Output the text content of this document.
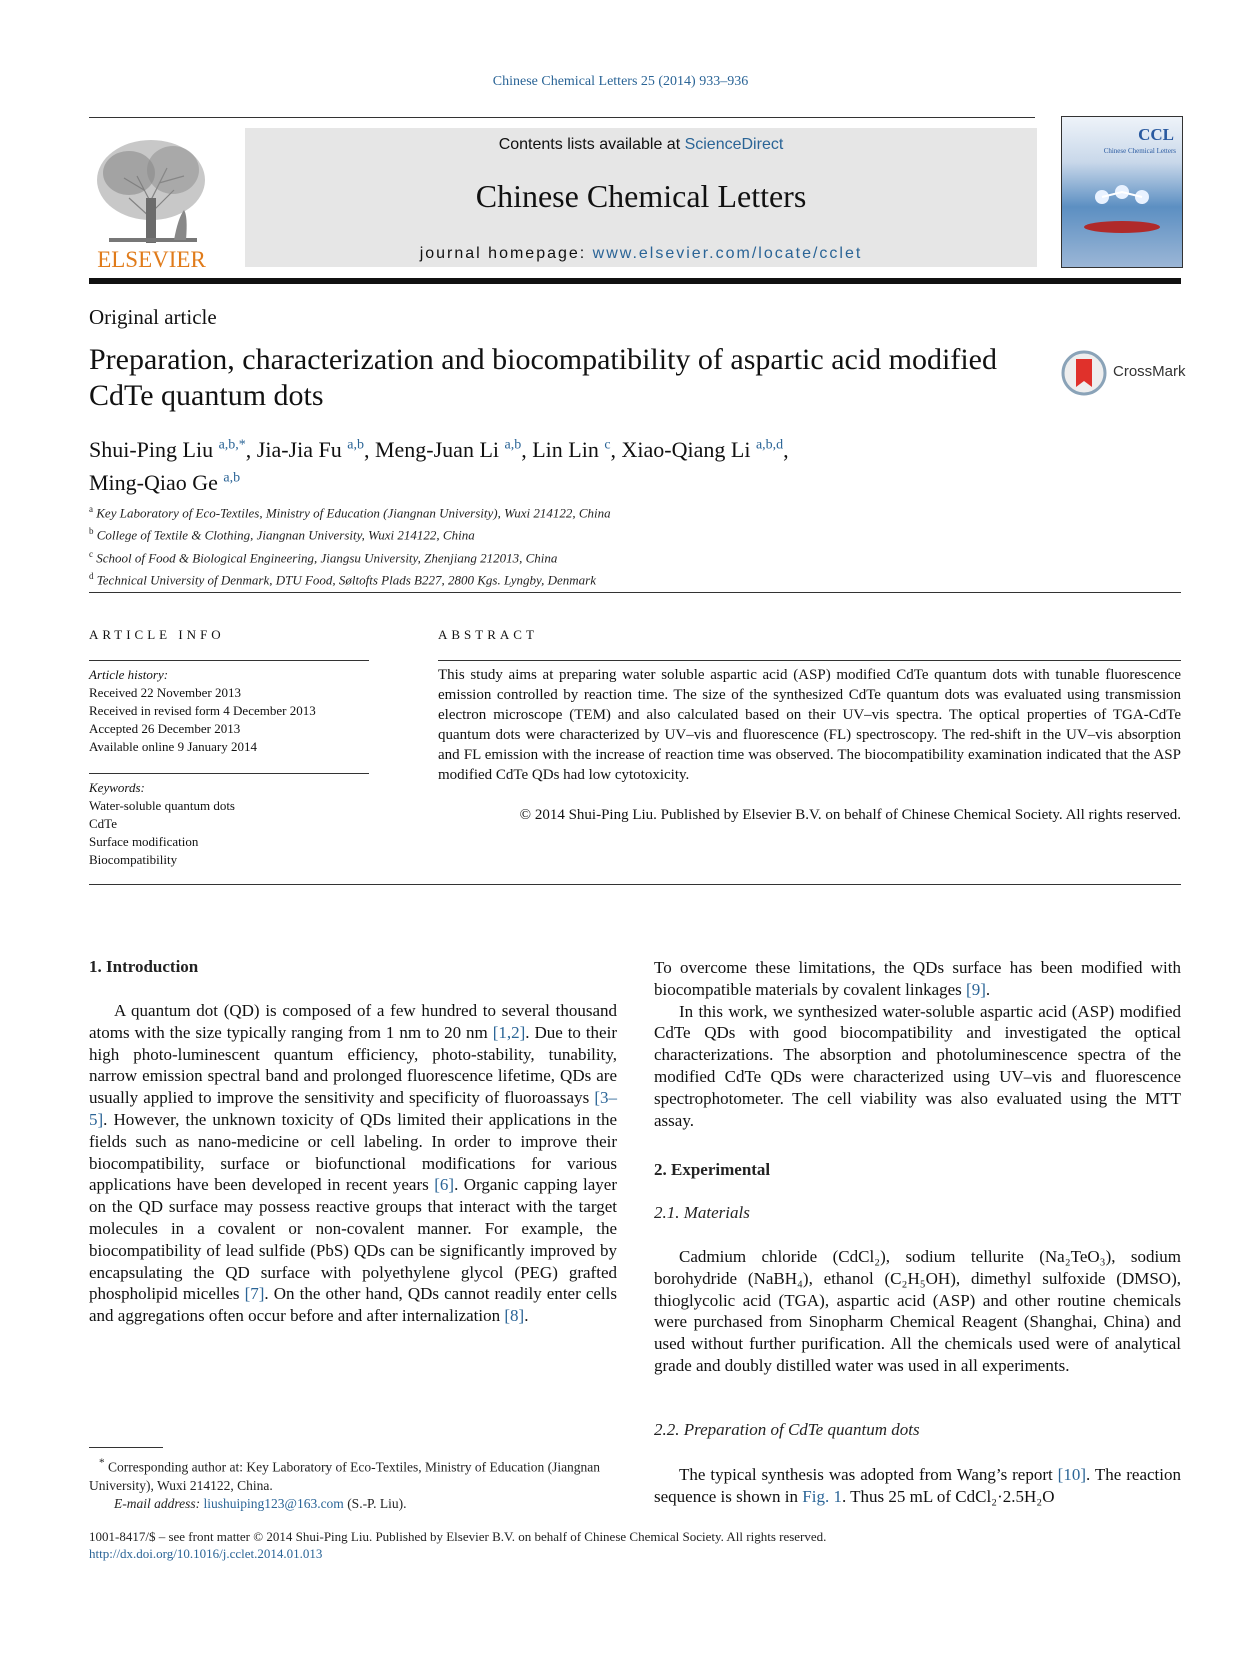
Chinese Chemical Letters 25 (2014) 933–936
ELSEVIER
Contents lists available at ScienceDirect
Chinese Chemical Letters
journal homepage: www.elsevier.com/locate/cclet
CCL
Chinese Chemical Letters
Original article
Preparation, characterization and biocompatibility of aspartic acid modified CdTe quantum dots
CrossMark
Shui-Ping Liu $^{a,b,*}$, Jia-Jia Fu $^{a,b}$, Meng-Juan Li $^{a,b}$, Lin Lin $^c$, Xiao-Qiang Li $^{a,b,d}$,
Ming-Qiao Ge $^{a,b}$
$^a$ Key Laboratory of Eco-Textiles, Ministry of Education (Jiangnan University), Wuxi 214122, China
$^b$ College of Textile & Clothing, Jiangnan University, Wuxi 214122, China
$^c$ School of Food & Biological Engineering, Jiangsu University, Zhenjiang 212013, China
$^d$ Technical University of Denmark, DTU Food, Søltofts Plads B227, 2800 Kgs. Lyngby, Denmark
ARTICLE INFO	ABSTRACT
Article history:
Received 22 November 2013
Received in revised form 4 December 2013
Accepted 26 December 2013
Available online 9 January 2014
Keywords:
Water-soluble quantum dots
CdTe
Surface modification
Biocompatibility
This study aims at preparing water soluble aspartic acid (ASP) modified CdTe quantum dots with tunable fluorescence emission controlled by reaction time. The size of the synthesized CdTe quantum dots was evaluated using transmission electron microscope (TEM) and also calculated based on their UV–vis spectra. The optical properties of TGA-CdTe quantum dots were characterized by UV–vis and fluorescence (FL) spectroscopy. The red-shift in the UV–vis absorption and FL emission with the increase of reaction time was observed. The biocompatibility examination indicated that the ASP modified CdTe QDs had low cytotoxicity.
© 2014 Shui-Ping Liu. Published by Elsevier B.V. on behalf of Chinese Chemical Society. All rights reserved.
1. Introduction

A quantum dot (QD) is composed of a few hundred to several thousand atoms with the size typically ranging from 1 nm to 20 nm [1,2]. Due to their high photo-luminescent quantum efficiency, photo-stability, tunability, narrow emission spectral band and prolonged fluorescence lifetime, QDs are usually applied to improve the sensitivity and specificity of fluoroassays [3–5]. However, the unknown toxicity of QDs limited their applications in the fields such as nano-medicine or cell labeling. In order to improve their biocompatibility, surface or biofunctional modifications for various applications have been developed in recent years [6]. Organic capping layer on the QD surface may possess reactive groups that interact with the target molecules in a covalent or non-covalent manner. For example, the biocompatibility of lead sulfide (PbS) QDs can be significantly improved by encapsulating the QD surface with polyethylene glycol (PEG) grafted phospholipid micelles [7]. On the other hand, QDs cannot readily enter cells and aggregations often occur before and after internalization [8].

To overcome these limitations, the QDs surface has been modified with biocompatible materials by covalent linkages [9].

In this work, we synthesized water-soluble aspartic acid (ASP) modified CdTe QDs with good biocompatibility and investigated the optical characterizations. The absorption and photoluminescence spectra of the modified CdTe QDs were characterized using UV–vis and fluorescence spectrophotometer. The cell viability was also evaluated using the MTT assay.

2. Experimental
2.1. Materials

Cadmium chloride (CdCl₂), sodium tellurite (Na₂TeO₃), sodium borohydride (NaBH₄), ethanol (C₂H₅OH), dimethyl sulfoxide (DMSO), thioglycolic acid (TGA), aspartic acid (ASP) and other routine chemicals were purchased from Sinopharm Chemical Reagent (Shanghai, China) and used without further purification. All the chemicals used were of analytical grade and doubly distilled water was used in all experiments.

2.2. Preparation of CdTe quantum dots

The typical synthesis was adopted from Wang’s report [10]. The reaction sequence is shown in Fig. 1. Thus 25 mL of CdCl₂·2.5H₂O

* Corresponding author at: Key Laboratory of Eco-Textiles, Ministry of Education (Jiangnan University), Wuxi 214122, China.
E-mail address: liushuiping123@163.com (S.-P. Liu).
1001-8417/$ – see front matter © 2014 Shui-Ping Liu. Published by Elsevier B.V. on behalf of Chinese Chemical Society. All rights reserved.
http://dx.doi.org/10.1016/j.cclet.2014.01.013
